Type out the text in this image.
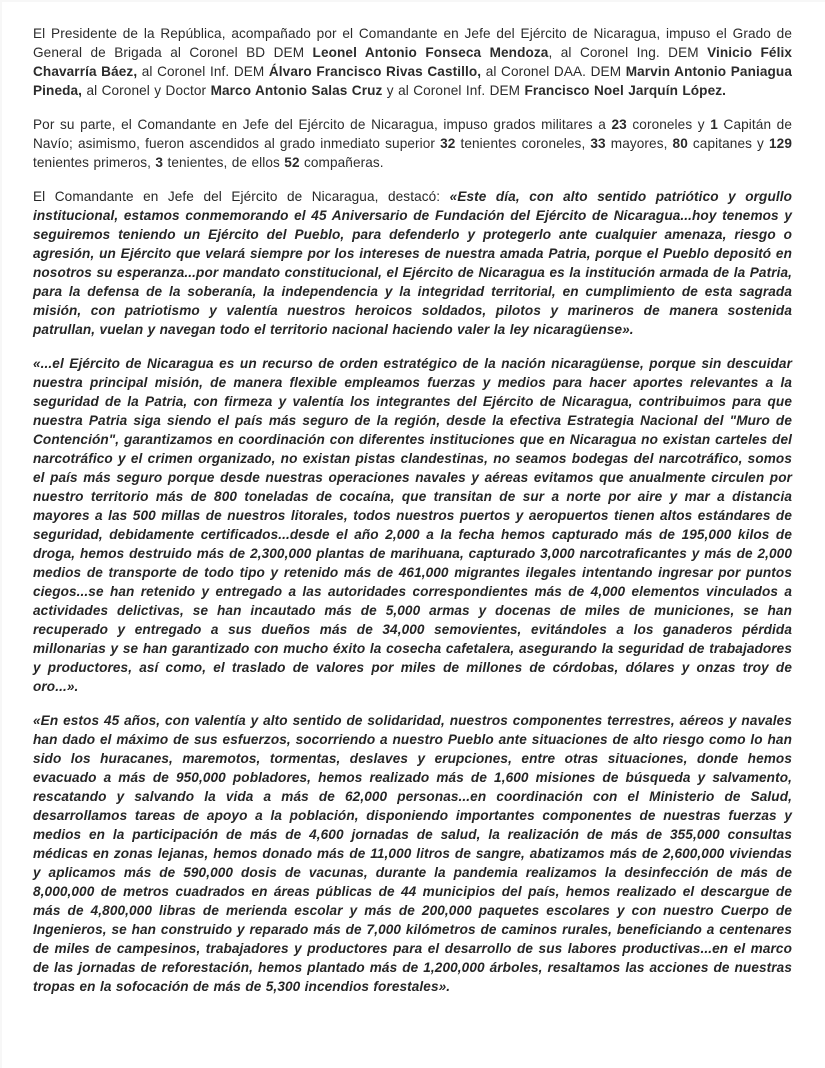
El Presidente de la República, acompañado por el Comandante en Jefe del Ejército de Nicaragua, impuso el Grado de General de Brigada al Coronel BD DEM Leonel Antonio Fonseca Mendoza, al Coronel Ing. DEM Vinicio Félix Chavarría Báez, al Coronel Inf. DEM Álvaro Francisco Rivas Castillo, al Coronel DAA. DEM Marvin Antonio Paniagua Pineda, al Coronel y Doctor Marco Antonio Salas Cruz y al Coronel Inf. DEM Francisco Noel Jarquín López.

Por su parte, el Comandante en Jefe del Ejército de Nicaragua, impuso grados militares a 23 coroneles y 1 Capitán de Navío; asimismo, fueron ascendidos al grado inmediato superior 32 tenientes coroneles, 33 mayores, 80 capitanes y 129 tenientes primeros, 3 tenientes, de ellos 52 compañeras.

El Comandante en Jefe del Ejército de Nicaragua, destacó: «Este día, con alto sentido patriótico y orgullo institucional, estamos conmemorando el 45 Aniversario de Fundación del Ejército de Nicaragua...hoy tenemos y seguiremos teniendo un Ejército del Pueblo, para defenderlo y protegerlo ante cualquier amenaza, riesgo o agresión, un Ejército que velará siempre por los intereses de nuestra amada Patria, porque el Pueblo depositó en nosotros su esperanza...por mandato constitucional, el Ejército de Nicaragua es la institución armada de la Patria, para la defensa de la soberanía, la independencia y la integridad territorial, en cumplimiento de esta sagrada misión, con patriotismo y valentía nuestros heroicos soldados, pilotos y marineros de manera sostenida patrullan, vuelan y navegan todo el territorio nacional haciendo valer la ley nicaragüense».

«...el Ejército de Nicaragua es un recurso de orden estratégico de la nación nicaragüense, porque sin descuidar nuestra principal misión, de manera flexible empleamos fuerzas y medios para hacer aportes relevantes a la seguridad de la Patria, con firmeza y valentía los integrantes del Ejército de Nicaragua, contribuimos para que nuestra Patria siga siendo el país más seguro de la región, desde la efectiva Estrategia Nacional del "Muro de Contención", garantizamos en coordinación con diferentes instituciones que en Nicaragua no existan carteles del narcotráfico y el crimen organizado, no existan pistas clandestinas, no seamos bodegas del narcotráfico, somos el país más seguro porque desde nuestras operaciones navales y aéreas evitamos que anualmente circulen por nuestro territorio más de 800 toneladas de cocaína, que transitan de sur a norte por aire y mar a distancia mayores a las 500 millas de nuestros litorales, todos nuestros puertos y aeropuertos tienen altos estándares de seguridad, debidamente certificados...desde el año 2,000 a la fecha hemos capturado más de 195,000 kilos de droga, hemos destruido más de 2,300,000 plantas de marihuana, capturado 3,000 narcotraficantes y más de 2,000 medios de transporte de todo tipo y retenido más de 461,000 migrantes ilegales intentando ingresar por puntos ciegos...se han retenido y entregado a las autoridades correspondientes más de 4,000 elementos vinculados a actividades delictivas, se han incautado más de 5,000 armas y docenas de miles de municiones, se han recuperado y entregado a sus dueños más de 34,000 semovientes, evitándoles a los ganaderos pérdida millonarias y se han garantizado con mucho éxito la cosecha cafetalera, asegurando la seguridad de trabajadores y productores, así como, el traslado de valores por miles de millones de córdobas, dólares y onzas troy de oro...».

«En estos 45 años, con valentía y alto sentido de solidaridad, nuestros componentes terrestres, aéreos y navales han dado el máximo de sus esfuerzos, socorriendo a nuestro Pueblo ante situaciones de alto riesgo como lo han sido los huracanes, maremotos, tormentas, deslaves y erupciones, entre otras situaciones, donde hemos evacuado a más de 950,000 pobladores, hemos realizado más de 1,600 misiones de búsqueda y salvamento, rescatando y salvando la vida a más de 62,000 personas...en coordinación con el Ministerio de Salud, desarrollamos tareas de apoyo a la población, disponiendo importantes componentes de nuestras fuerzas y medios en la participación de más de 4,600 jornadas de salud, la realización de más de 355,000 consultas médicas en zonas lejanas, hemos donado más de 11,000 litros de sangre, abatizamos más de 2,600,000 viviendas y aplicamos más de 590,000 dosis de vacunas, durante la pandemia realizamos la desinfección de más de 8,000,000 de metros cuadrados en áreas públicas de 44 municipios del país, hemos realizado el descargue de más de 4,800,000 libras de merienda escolar y más de 200,000 paquetes escolares y con nuestro Cuerpo de Ingenieros, se han construido y reparado más de 7,000 kilómetros de caminos rurales, beneficiando a centenares de miles de campesinos, trabajadores y productores para el desarrollo de sus labores productivas...en el marco de las jornadas de reforestación, hemos plantado más de 1,200,000 árboles, resaltamos las acciones de nuestras tropas en la sofocación de más de 5,300 incendios forestales».
